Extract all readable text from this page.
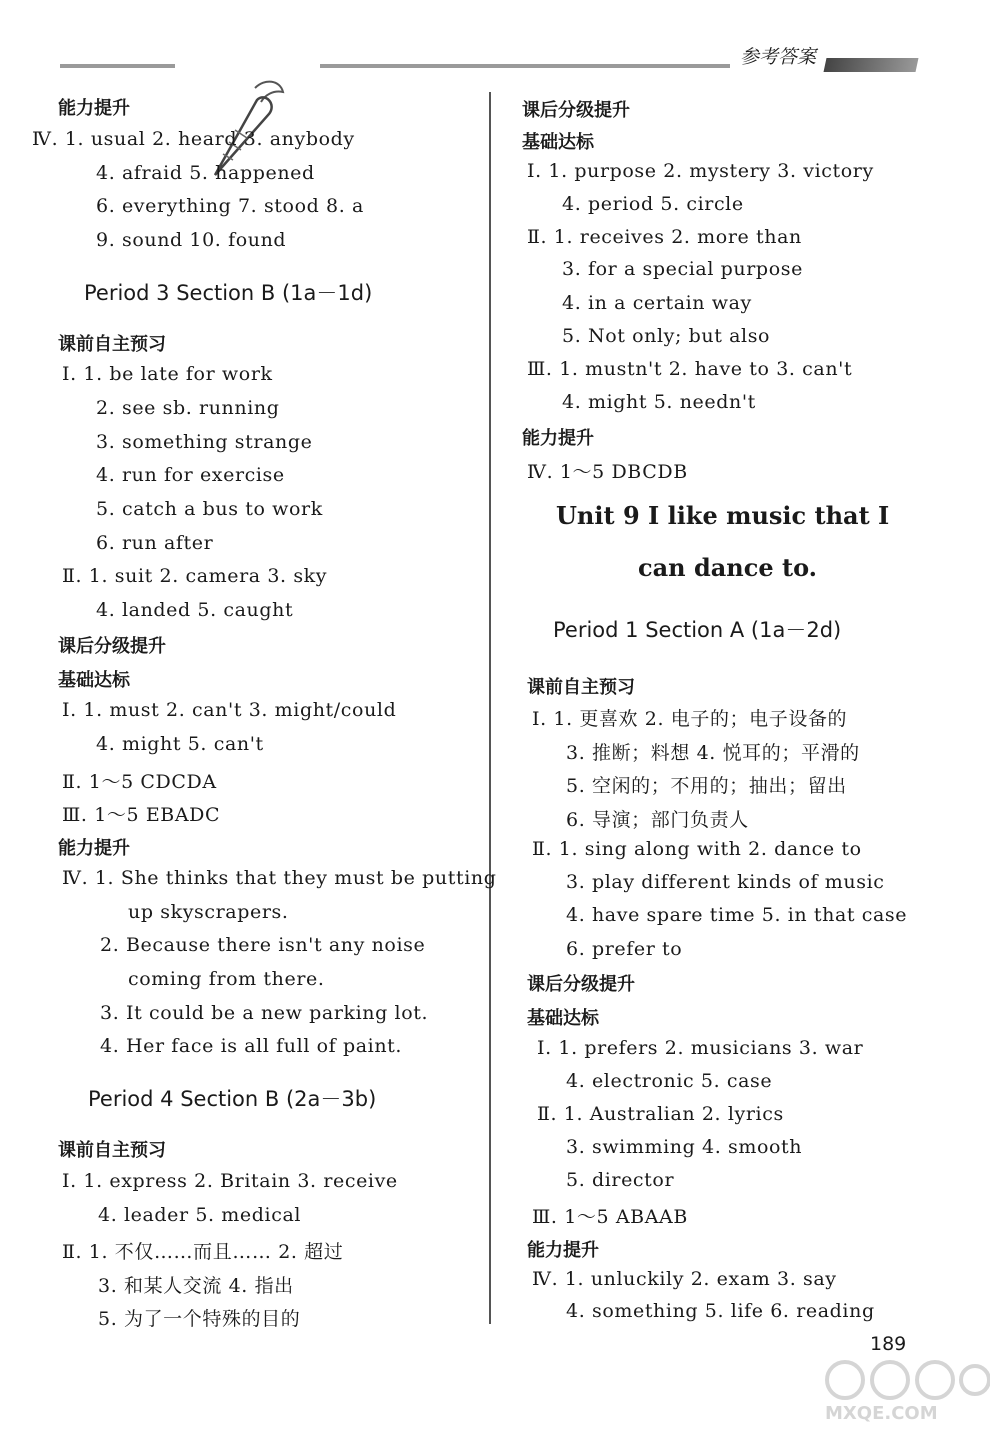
参考答案
能力提升
Ⅳ. 1. usual 2. heard 3. anybody
4. afraid 5. happened
6. everything 7. stood 8. a
9. sound 10. found
Period 3 Section B (1a－1d)
课前自主预习
Ⅰ. 1. be late for work
2. see sb. running
3. something strange
4. run for exercise
5. catch a bus to work
6. run after
Ⅱ. 1. suit 2. camera 3. sky
4. landed 5. caught
课后分级提升
基础达标
Ⅰ. 1. must 2. can't 3. might/could
4. might 5. can't
Ⅱ. 1～5 CDCDA
Ⅲ. 1～5 EBADC
能力提升
Ⅳ. 1. She thinks that they must be putting
up skyscrapers.
2. Because there isn't any noise
coming from there.
3. It could be a new parking lot.
4. Her face is all full of paint.
Period 4 Section B (2a－3b)
课前自主预习
Ⅰ. 1. express 2. Britain 3. receive
4. leader 5. medical
Ⅱ. 1. 不仅……而且…… 2. 超过
3. 和某人交流 4. 指出
5. 为了一个特殊的目的
课后分级提升
基础达标
Ⅰ. 1. purpose 2. mystery 3. victory
4. period 5. circle
Ⅱ. 1. receives 2. more than
3. for a special purpose
4. in a certain way
5. Not only; but also
Ⅲ. 1. mustn't 2. have to 3. can't
4. might 5. needn't
能力提升
Ⅳ. 1～5 DBCDB
Unit 9 I like music that I
can dance to.
Period 1 Section A (1a－2d)
课前自主预习
Ⅰ. 1. 更喜欢 2. 电子的；电子设备的
3. 推断；料想 4. 悦耳的；平滑的
5. 空闲的；不用的；抽出；留出
6. 导演；部门负责人
Ⅱ. 1. sing along with 2. dance to
3. play different kinds of music
4. have spare time 5. in that case
6. prefer to
课后分级提升
基础达标
Ⅰ. 1. prefers 2. musicians 3. war
4. electronic 5. case
Ⅱ. 1. Australian 2. lyrics
3. swimming 4. smooth
5. director
Ⅲ. 1～5 ABAAB
能力提升
Ⅳ. 1. unluckily 2. exam 3. say
4. something 5. life 6. reading
189
MXQE.COM
